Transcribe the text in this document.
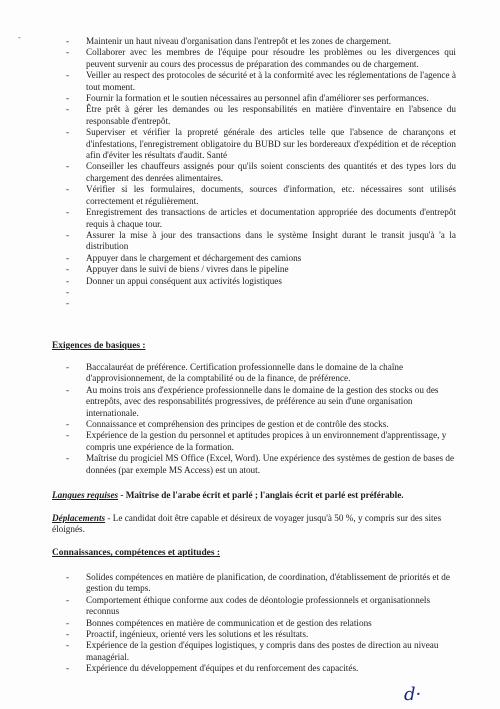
-	- Maintenir un haut niveau d'organisation dans l'entrepôt et les zones de chargement.
- Collaborer avec les membres de l'équipe pour résoudre les problèmes ou les divergences qui peuvent survenir au cours des processus de préparation des commandes ou de chargement.
- Veiller au respect des protocoles de sécurité et à la conformité avec les réglementations de l'agence à tout moment.
- Fournir la formation et le soutien nécessaires au personnel afin d'améliorer ses performances.
- Être prêt à gérer les demandes ou les responsabilités en matière d'inventaire en l'absence du responsable d'entrepôt.
- Superviser et vérifier la propreté générale des articles telle que l'absence de charançons et d'infestations, l'enregistrement obligatoire du BUBD sur les bordereaux d'expédition et de réception afin d'éviter les résultats d'audit. Santé
- Conseiller les chauffeurs assignés pour qu'ils soient conscients des quantités et des types lors du chargement des denrées alimentaires.
- Vérifier si les formulaires, documents, sources d'information, etc. nécessaires sont utilisés correctement et régulièrement.
- Enregistrement des transactions de articles et documentation appropriée des documents d'entrepôt requis à chaque tour.
- Assurer la mise à jour des transactions dans le système Insight durant le transit jusqu'à 'a la distribution
- Appuyer dans le chargement et déchargement des camions
- Appuyer dans le suivi de biens / vivres dans le pipeline
- Donner un appui conséquent aux activités logistiques
-

-

Exigences de basiques :
- Baccalauréat de préférence. Certification professionnelle dans le domaine de la chaîne d'approvisionnement, de la comptabilité ou de la finance, de préférence.
- Au moins trois ans d'expérience professionnelle dans le domaine de la gestion des stocks ou des entrepôts, avec des responsabilités progressives, de préférence au sein d'une organisation internationale.
- Connaissance et compréhension des principes de gestion et de contrôle des stocks.
- Expérience de la gestion du personnel et aptitudes propices à un environnement d'apprentissage, y compris une expérience de la formation.
- Maîtrise du progiciel MS Office (Excel, Word). Une expérience des systèmes de gestion de bases de données (par exemple MS Access) est un atout.
Langues requises - Maîtrise de l'arabe écrit et parlé ; l'anglais écrit et parlé est préférable.
Déplacements - Le candidat doit être capable et désireux de voyager jusqu'à 50 %, y compris sur des sites éloignés.
Connaissances, compétences et aptitudes :
- Solides compétences en matière de planification, de coordination, d'établissement de priorités et de gestion du temps.
- Comportement éthique conforme aux codes de déontologie professionnels et organisationnels reconnus
- Bonnes compétences en matière de communication et de gestion des relations
- Proactif, ingénieux, orienté vers les solutions et les résultats.
- Expérience de la gestion d'équipes logistiques, y compris dans des postes de direction au niveau managérial.
- Expérience du développement d'équipes et du renforcement des capacités.
d·
